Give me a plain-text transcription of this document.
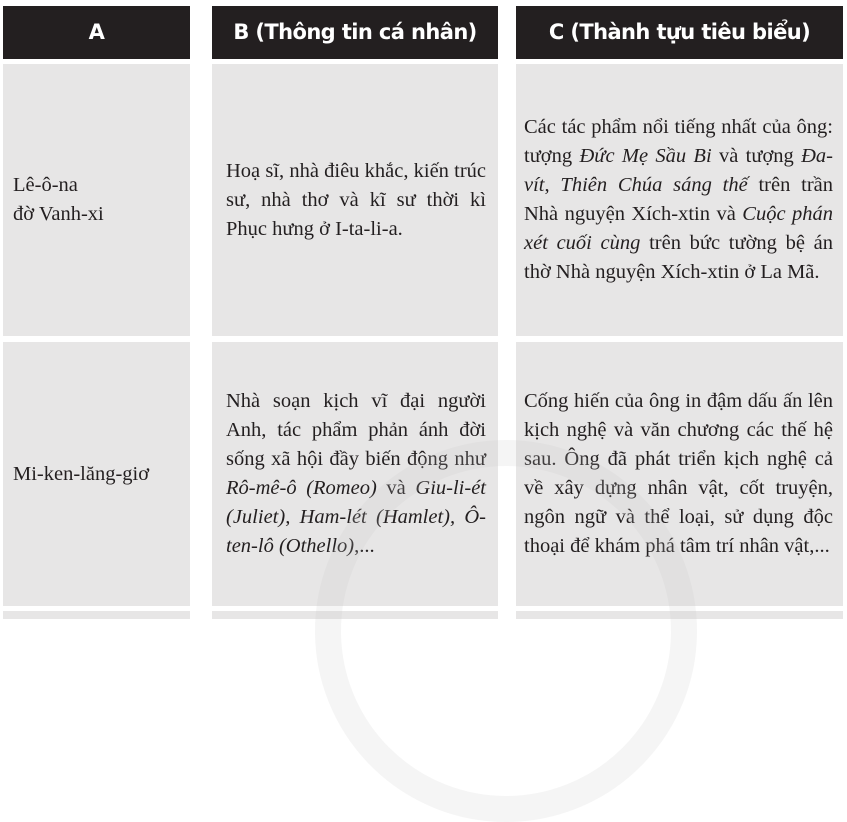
A
Lê-ô-na
đờ Vanh-xi
Mi-ken-lăng-giơ
B (Thông tin cá nhân)
Hoạ sĩ, nhà điêu khắc, kiến trúc sư, nhà thơ và kĩ sư thời kì Phục hưng ở I-ta-li-a.
Nhà soạn kịch vĩ đại người Anh, tác phẩm phản ánh đời sống xã hội đầy biến động như Rô-mê-ô (Romeo) và Giu-li-ét (Juliet), Ham-lét (Hamlet), Ô-ten-lô (Othello),...
C (Thành tựu tiêu biểu)
Các tác phẩm nổi tiếng nhất của ông: tượng Đức Mẹ Sầu Bi và tượng Đa-vít, Thiên Chúa sáng thế trên trần Nhà nguyện Xích-xtin và Cuộc phán xét cuối cùng trên bức tường bệ án thờ Nhà nguyện Xích-xtin ở La Mã.
Cống hiến của ông in đậm dấu ấn lên kịch nghệ và văn chương các thế hệ sau. Ông đã phát triển kịch nghệ cả về xây dựng nhân vật, cốt truyện, ngôn ngữ và thể loại, sử dụng độc thoại để khám phá tâm trí nhân vật,...
